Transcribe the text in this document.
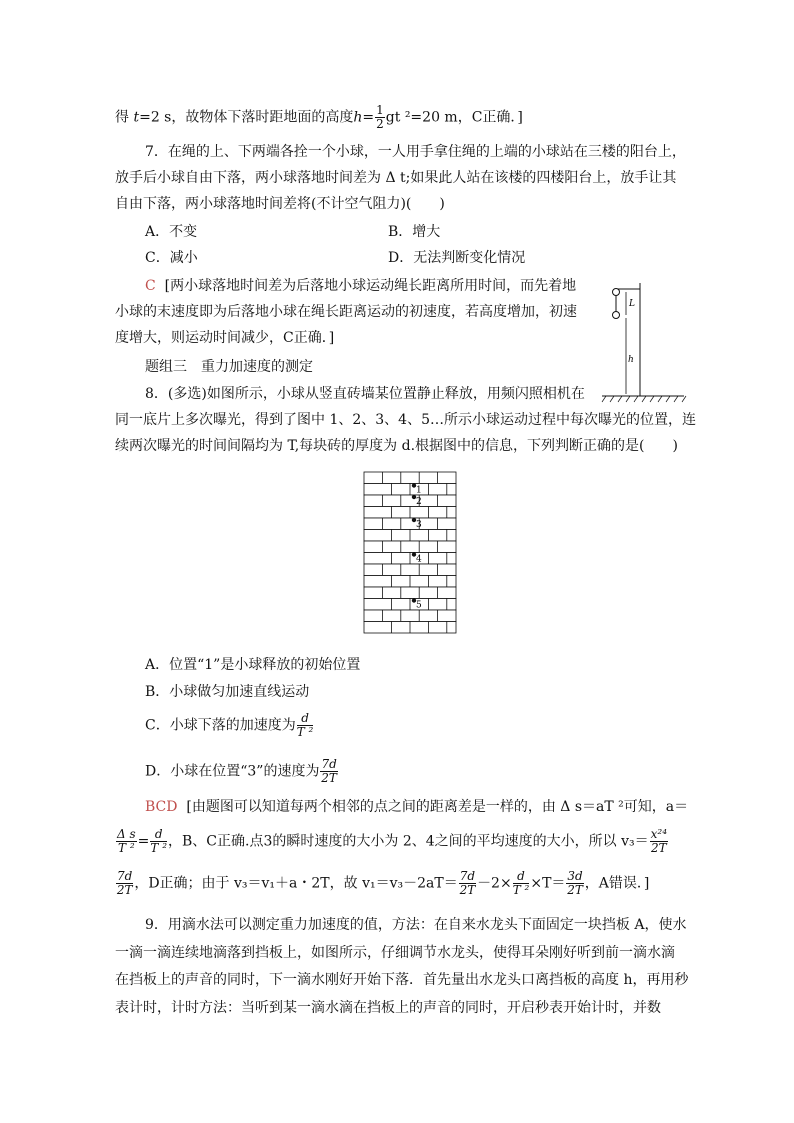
得 t=2 s，故物体下落时距地面的高度$h= \frac{1}{2}$ gt ²=20 m，C正确．]
7．在绳的上、下两端各拴一个小球，一人用手拿住绳的上端的小球站在三楼的阳台上，
放手后小球自由下落，两小球落地时间差为 Δ t;如果此人站在该楼的四楼阳台上，放手让其
自由下落，两小球落地时间差将(不计空气阻力)(　　)
A．不变	B．增大
C．减小	D．无法判断变化情况
C [两小球落地时间差为后落地小球运动绳长距离所用时间，而先着地
小球的末速度即为后落地小球在绳长距离运动的初速度，若高度增加，初速
度增大，则运动时间减少，C正确．]
L
h
题组三　重力加速度的测定
8．(多选)如图所示，小球从竖直砖墙某位置静止释放，用频闪照相机在
同一底片上多次曝光，得到了图中 1、2、3、4、5…所示小球运动过程中每次曝光的位置，连
续两次曝光的时间间隔均为 T,每块砖的厚度为 d.根据图中的信息，下列判断正确的是(　　)
1
2
3
4
5
A．位置“1”是小球释放的初始位置
B．小球做匀加速直线运动
C．小球下落的加速度为 $\frac{d}{\text{T ²}}$
D．小球在位置“3”的速度为 $\frac{7d}{2T}$
BCD [由题图可以知道每两个相邻的点之间的距离差是一样的，由 Δ s＝aT ²可知，a＝
$\frac{\text{Δ s}}{\text{T ²}} = \frac{d}{\text{T ²}}$ ，B、C正确.点3的瞬时速度的大小为 2、4之间的平均速度的大小，所以 $v_3= \frac{\text{x²⁴}}{2T}$
$\frac{7d}{2T}$ ，D正确；由于 v₃＝v₁＋a・2T，故 $v_1=v_3-2aT= \frac{7d}{2T} -2\times \frac{d}{\text{T ²}} \times T= \frac{3d}{2T}$ ，A错误．]
9．用滴水法可以测定重力加速度的值，方法：在自来水龙头下面固定一块挡板 A，使水
一滴一滴连续地滴落到挡板上，如图所示，仔细调节水龙头，使得耳朵刚好听到前一滴水滴
在挡板上的声音的同时，下一滴水刚好开始下落．首先量出水龙头口离挡板的高度 h，再用秒
表计时，计时方法：当听到某一滴水滴在挡板上的声音的同时，开启秒表开始计时，并数
